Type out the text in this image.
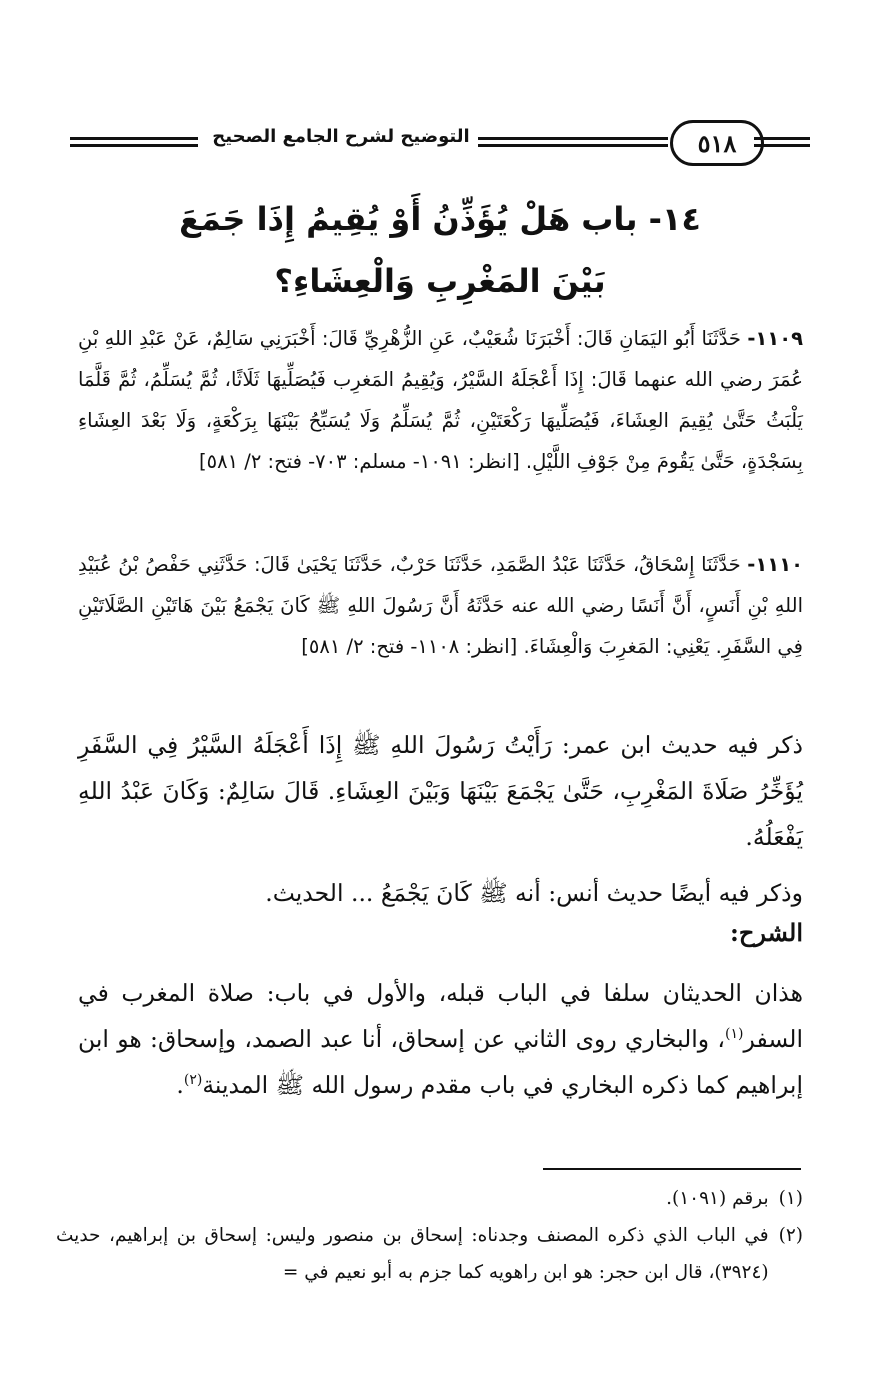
التوضيح لشرح الجامع الصحيح	٥١٨
١٤- باب هَلْ يُؤَذِّنُ أَوْ يُقِيمُ إِذَا جَمَعَ
بَيْنَ المَغْرِبِ وَالْعِشَاءِ؟
١١٠٩- حَدَّثَنَا أَبُو اليَمَانِ قَالَ: أَخْبَرَنَا شُعَيْبٌ، عَنِ الزُّهْرِيِّ قَالَ: أَخْبَرَنِي سَالِمٌ، عَنْ عَبْدِ اللهِ بْنِ عُمَرَ رضي الله عنهما قَالَ: إِذَا أَعْجَلَهُ السَّيْرُ، وَيُقِيمُ المَغرِب فَيُصَلِّيهَا ثَلَاثًا، ثُمَّ يُسَلِّمُ، ثُمَّ قَلَّمَا يَلْبَثُ حَتَّىٰ يُقِيمَ العِشَاءَ، فَيُصَلِّيهَا رَكْعَتَيْنِ، ثُمَّ يُسَلِّمُ وَلَا يُسَبِّحُ بَيْنَهَا بِرَكْعَةٍ، وَلَا بَعْدَ العِشَاءِ بِسَجْدَةٍ، حَتَّىٰ يَقُومَ مِنْ جَوْفِ اللَّيْلِ. [انظر: ١٠٩١- مسلم: ٧٠٣- فتح: ٢/ ٥٨١]
١١١٠- حَدَّثَنَا إِسْحَاقُ، حَدَّثَنَا عَبْدُ الصَّمَدِ، حَدَّثَنَا حَرْبٌ، حَدَّثَنَا يَحْيَىٰ قَالَ: حَدَّثَنِي حَفْصُ بْنُ عُبَيْدِ اللهِ بْنِ أَنَسٍ، أَنَّ أَنَسًا رضي الله عنه حَدَّثَهُ أَنَّ رَسُولَ اللهِ ﷺ كَانَ يَجْمَعُ بَيْنَ هَاتَيْنِ الصَّلَاتَيْنِ فِي السَّفَرِ. يَعْنِي: المَغرِبَ وَالْعِشَاءَ. [انظر: ١١٠٨- فتح: ٢/ ٥٨١]
ذكر فيه حديث ابن عمر: رَأَيْتُ رَسُولَ اللهِ ﷺ إِذَا أَعْجَلَهُ السَّيْرُ فِي السَّفَرِ يُؤَخِّرُ صَلَاةَ المَغْرِبِ، حَتَّىٰ يَجْمَعَ بَيْنَهَا وَبَيْنَ العِشَاءِ. قَالَ سَالِمٌ: وَكَانَ عَبْدُ اللهِ يَفْعَلُهُ.
وذكر فيه أيضًا حديث أنس: أنه ﷺ كَانَ يَجْمَعُ ... الحديث.
الشرح:
هذان الحديثان سلفا في الباب قبله، والأول في باب: صلاة المغرب في السفر$^{(١)}$، والبخاري روى الثاني عن إسحاق، أنا عبد الصمد، وإسحاق: هو ابن إبراهيم كما ذكره البخاري في باب مقدم رسول الله ﷺ المدينة$^{(٢)}$.
(١)
برقم (١٠٩١).
(٢)
في الباب الذي ذكره المصنف وجدناه: إسحاق بن منصور وليس: إسحاق بن إبراهيم، حديث (٣٩٢٤)، قال ابن حجر: هو ابن راهويه كما جزم به أبو نعيم في =
